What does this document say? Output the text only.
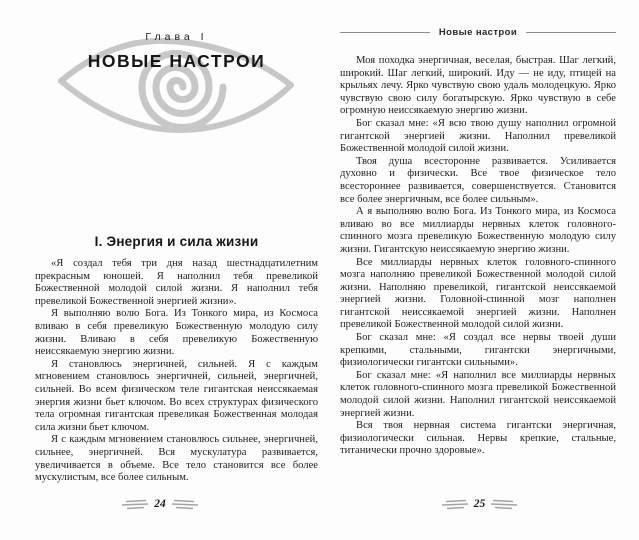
Глава I
НОВЫЕ НАСТРОИ
I. Энергия и сила жизни

«Я создал тебя три дня назад шестнадцатилетним прекрасным юношей. Я наполнил тебя превеликой Божественной молодой силой жизни. Я наполнил тебя превеликой Божественной энергией жизни».

Я выполняю волю Бога. Из Тонкого мира, из Космоса вливаю в себя превеликую Божественную молодую силу жизни. Вливаю в себя превеликую Божественную неиссякаемую энергию жизни.

Я становлюсь энергичней, сильней. Я с каждым мгновением становлюсь энергичней, сильней, энергичней, сильней. Во всем физическом теле гигантская неиссякаемая энергия жизни бьет ключом. Во всех структурах физического тела огромная гигантская превеликая Божественная молодая сила жизни бьет ключом.

Я с каждым мгновением становлюсь сильнее, энергичней, сильнее, энергичней. Вся мускулатура развивается, увеличивается в объеме. Все тело становится все более мускулистым, все более сильным.

24
Новые настрои

Моя походка энергичная, веселая, быстрая. Шаг легкий, широкий. Шаг легкий, широкий. Иду — не иду, птицей на крыльях лечу. Ярко чувствую свою удаль молодецкую. Ярко чувствую свою силу богатырскую. Ярко чувствую в себе огромную неиссякаемую энергию жизни.

Бог сказал мне: «Я всю твою душу наполнил огромной гигантской энергией жизни. Наполнил превеликой Божественной молодой силой жизни.

Твоя душа всесторонне развивается. Усиливается духовно и физически. Все твое физическое тело всестороннее развивается, совершенствуется. Становится все более энергичным, все более сильным».

А я выполняю волю Бога. Из Тонкого мира, из Космоса вливаю во все миллиарды нервных клеток головного-спинного мозга превеликую Божественную молодую силу жизни. Гигантскую неиссякаемую энергию жизни.

Все миллиарды нервных клеток головного-спинного мозга наполняю превеликой Божественной молодой силой жизни. Наполняю превеликой, гигантской неиссякаемой энергией жизни. Головной-спинной мозг наполнен гигантской неиссякаемой энергией жизни. Наполнен превеликой Божественной молодой силой жизни.

Бог сказал мне: «Я создал все нервы твоей души крепкими, стальными, гигантски энергичными, физиологически гигантски сильными».

Бог сказал мне: «Я наполнил все миллиарды нервных клеток головного-спинного мозга превеликой Божественной молодой силой жизни. Наполнил гигантской неиссякаемой энергией жизни.

Вся твоя нервная система гигантски энергичная, физиологически сильная. Нервы крепкие, стальные, титанически прочно здоровые».

25
